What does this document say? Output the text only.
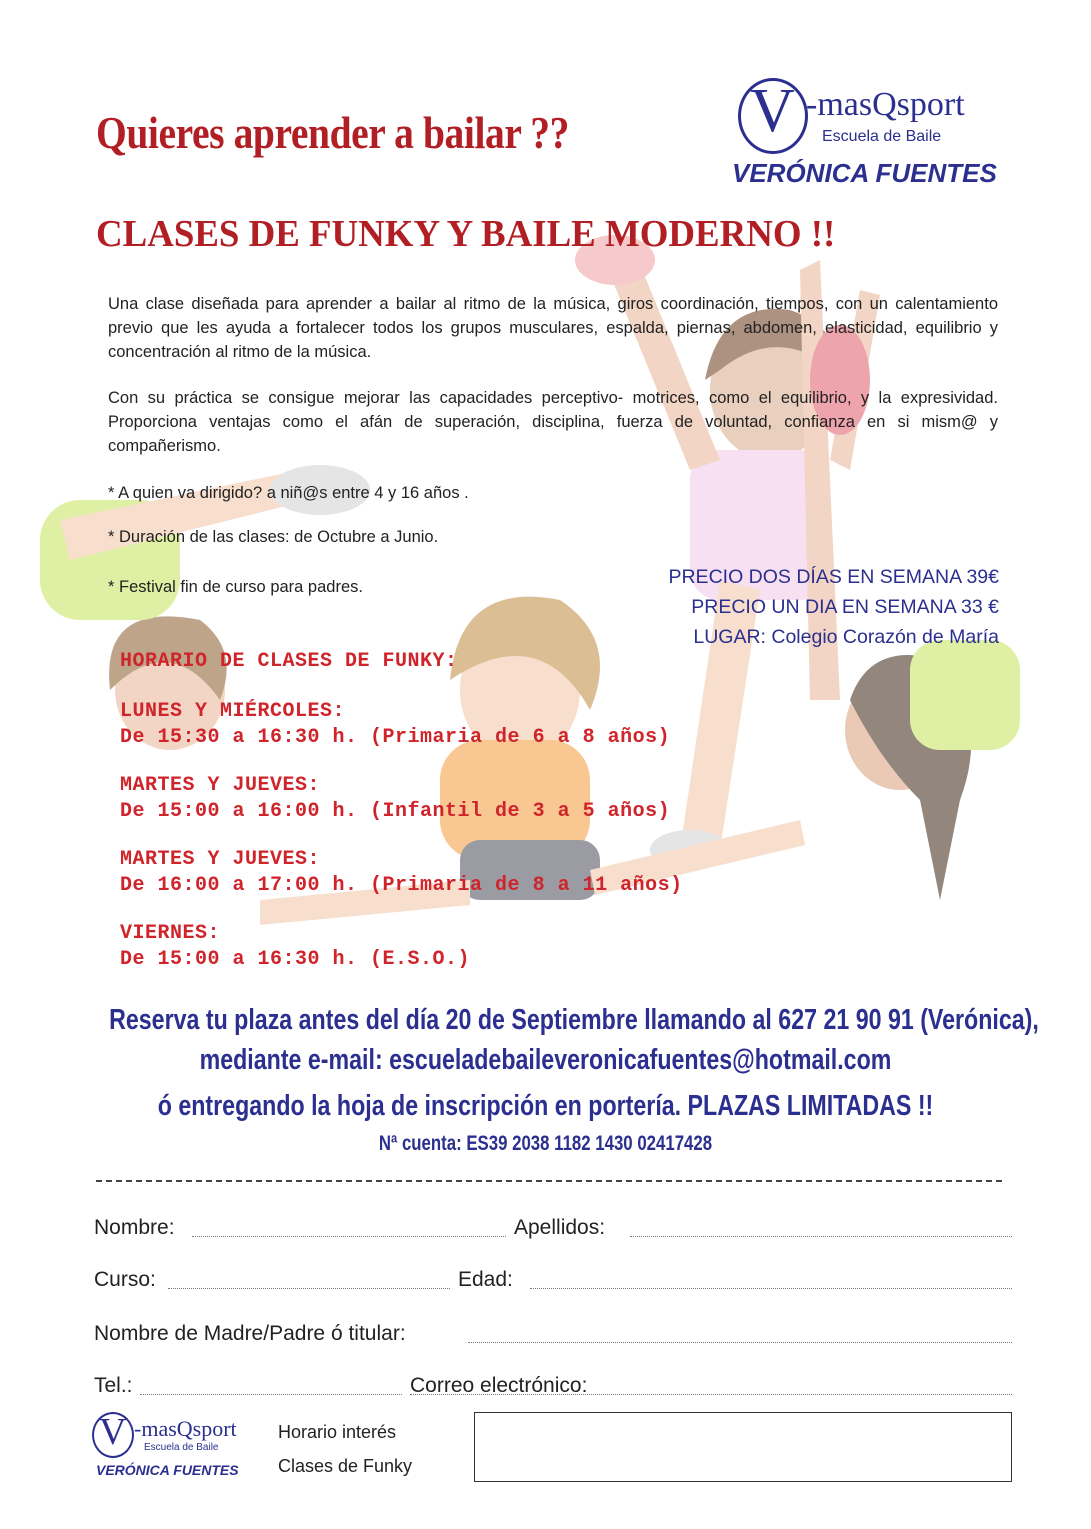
Quieres aprender a bailar ??
CLASES DE FUNKY Y BAILE MODERNO !!
V -masQsport
Escuela de Baile
VERÓNICA FUENTES
Una clase diseñada para aprender a bailar al ritmo de la música, giros coordinación, tiempos, con un calentamiento previo que les ayuda a fortalecer todos los grupos musculares, espalda, piernas, abdomen, elasticidad, equilibrio y concentración al ritmo de la música.
Con su práctica se consigue mejorar las capacidades perceptivo- motrices, como el equilibrio, y la expresividad. Proporciona ventajas como el afán de superación, disciplina, fuerza de voluntad, confianza en si mism@ y compañerismo.
* A quien va dirigido? a niñ@s entre 4 y 16 años .
* Duración de las clases: de Octubre a Junio.
* Festival fin de curso para padres.	PRECIO DOS DÍAS EN SEMANA 39€
PRECIO UN DIA EN SEMANA 33 €
LUGAR: Colegio Corazón de María
HORARIO DE CLASES DE FUNKY:
LUNES Y MIÉRCOLES:
De 15:30 a 16:30 h. (Primaria de 6 a 8 años)
MARTES Y JUEVES:
De 15:00 a 16:00 h. (Infantil de 3 a 5 años)
MARTES Y JUEVES:
De 16:00 a 17:00 h. (Primaria de 8 a 11 años)
VIERNES:
De 15:00 a 16:30 h. (E.S.O.)
Reserva tu plaza antes del día 20 de Septiembre llamando al 627 21 90 91 (Verónica),
mediante e-mail: escueladebaileveronicafuentes@hotmail.com
ó entregando la hoja de inscripción en portería. PLAZAS LIMITADAS !!
Nª cuenta: ES39 2038 1182 1430 02417428
Nombre:	Apellidos:
Curso:	Edad:
Nombre de Madre/Padre ó titular:
Tel.:	Correo electrónico:
V -masQsport
Escuela de Baile
VERÓNICA FUENTES
Horario interés
Clases de Funky
